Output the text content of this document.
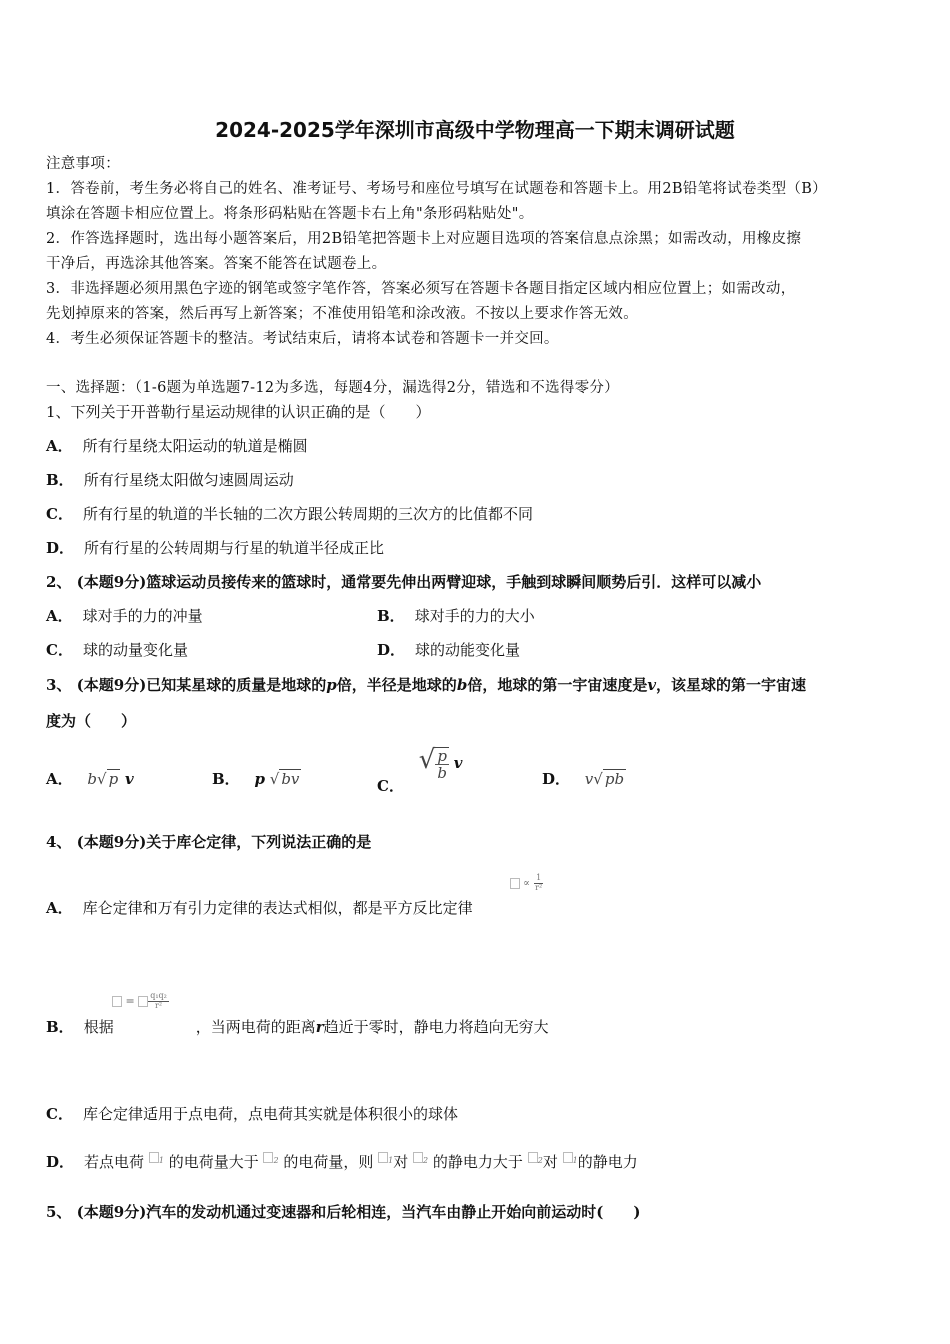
2024-2025学年深圳市高级中学物理高一下期末调研试题
注意事项：
1．答卷前，考生务必将自己的姓名、准考证号、考场号和座位号填写在试题卷和答题卡上。用2B铅笔将试卷类型（B）
填涂在答题卡相应位置上。将条形码粘贴在答题卡右上角"条形码粘贴处"。
2．作答选择题时，选出每小题答案后，用2B铅笔把答题卡上对应题目选项的答案信息点涂黑；如需改动，用橡皮擦
干净后，再选涂其他答案。答案不能答在试题卷上。
3．非选择题必须用黑色字迹的钢笔或签字笔作答，答案必须写在答题卡各题目指定区域内相应位置上；如需改动，
先划掉原来的答案，然后再写上新答案；不准使用铅笔和涂改液。不按以上要求作答无效。
4．考生必须保证答题卡的整洁。考试结束后，请将本试卷和答题卡一并交回。
一、选择题：（1-6题为单选题7-12为多选，每题4分，漏选得2分，错选和不选得零分）
1、下列关于开普勒行星运动规律的认识正确的是（　　）
A． 所有行星绕太阳运动的轨道是椭圆
B． 所有行星绕太阳做匀速圆周运动
C． 所有行星的轨道的半长轴的二次方跟公转周期的三次方的比值都不同
D． 所有行星的公转周期与行星的轨道半径成正比
2、 (本题9分)篮球运动员接传来的篮球时，通常要先伸出两臂迎球，手触到球瞬间顺势后引．这样可以减小
A． 球对手的力的冲量	B． 球对手的力的大小
C． 球的动量变化量	D． 球的动能变化量
3、 (本题9分)已知某星球的质量是地球的p倍，半径是地球的b倍，地球的第一宇宙速度是v，该星球的第一宇宙速
度为（　　）
A． b√ p v	B． p √ bv	C． √ $\frac{p}{b}$ v
D． v√ pb
4、 (本题9分)关于库仑定律，下列说法正确的是
∝ $\frac{1}{\text{r²}}$
A． 库仑定律和万有引力定律的表达式相似，都是平方反比定律
= $\frac{\text{q₁q₂}}{\text{r²}}$
B． 根据	，当两电荷的距离r趋近于零时，静电力将趋向无穷大
C． 库仑定律适用于点电荷，点电荷其实就是体积很小的球体
D． 若点电荷 $^1$ 的电荷量大于 $^2$ 的电荷量，则 $^1$对 $^2$ 的静电力大于 $^2$对 $^1$的静电力
5、 (本题9分)汽车的发动机通过变速器和后轮相连，当汽车由静止开始向前运动时(　　)
